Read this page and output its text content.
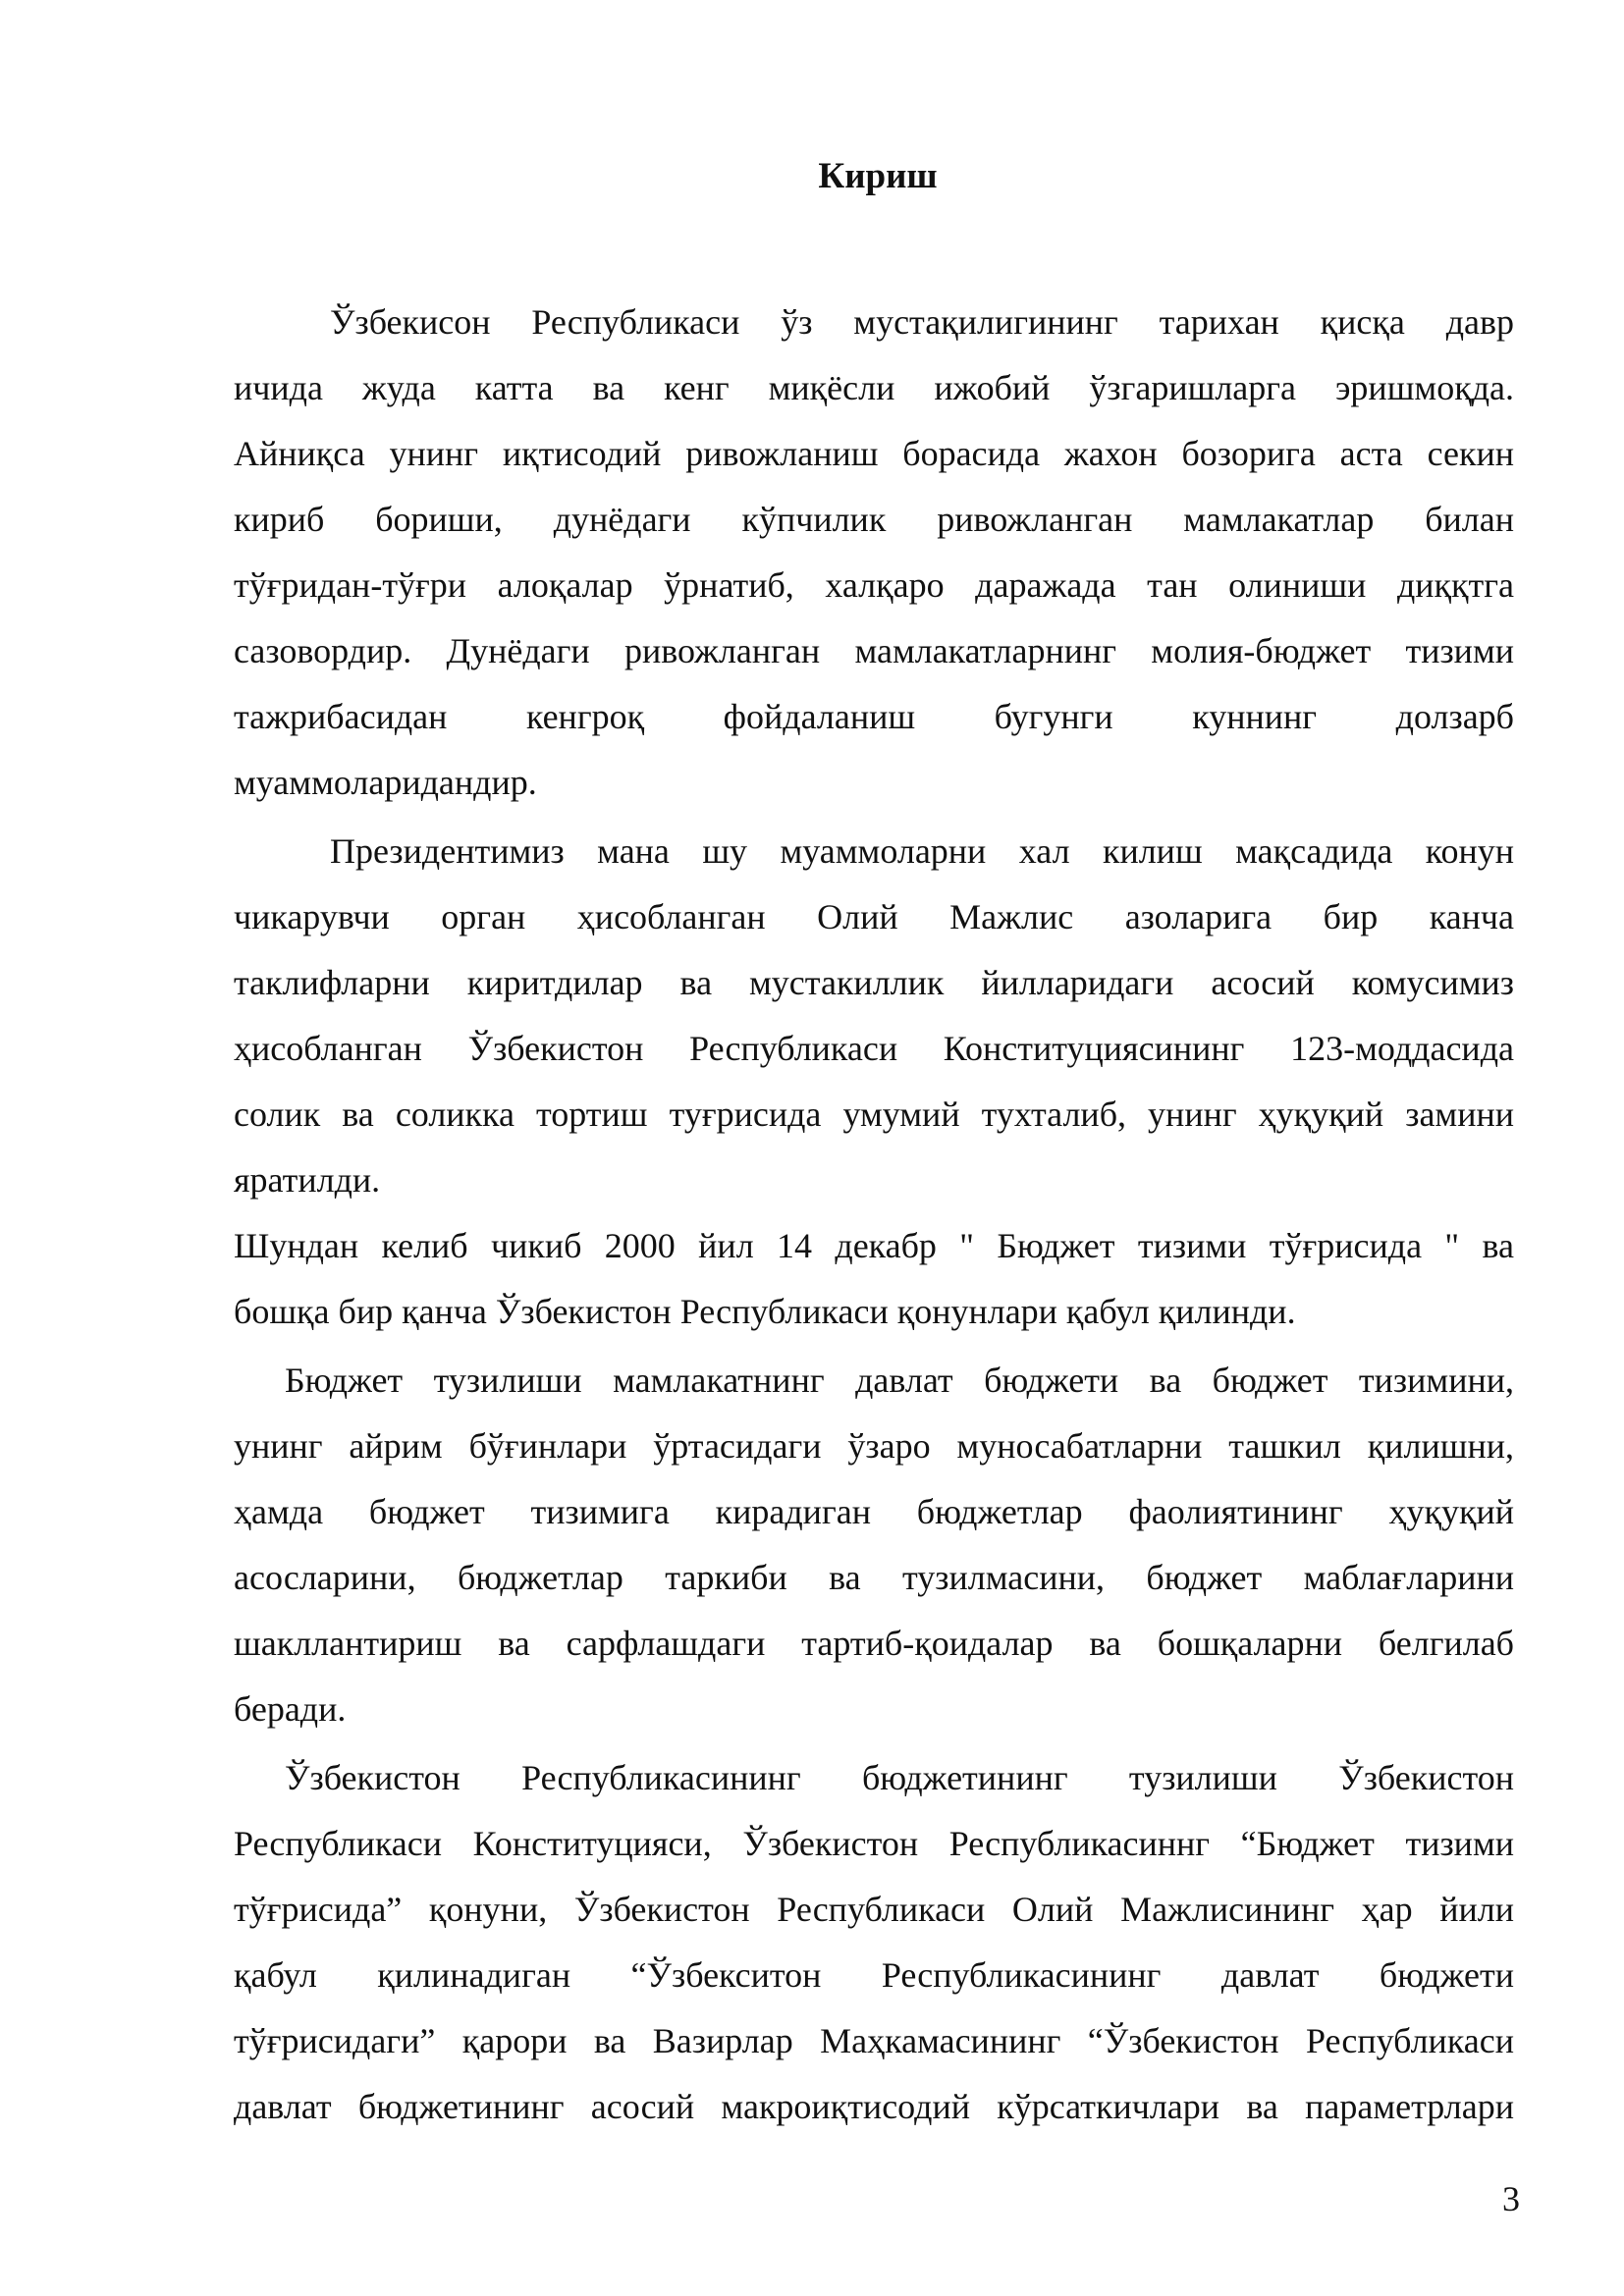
Кириш

Ўзбекисон Республикаси ўз мустақилигининг тарихан қисқа давр

ичида жуда катта ва кенг миқёсли ижобий ўзгаришларга эришмоқда.

Айниқса унинг иқтисодий ривожланиш борасида жахон бозорига аста секин

кириб бориши, дунёдаги кўпчилик ривожланган мамлакатлар билан

тўғридан-тўғри алоқалар ўрнатиб, халқаро даражада тан олиниши диққтга

сазовордир. Дунёдаги ривожланган мамлакатларнинг молия-бюджет тизими

тажрибасидан кенгроқ фойдаланиш бугунги куннинг долзарб

муаммоларидандир.

Президентимиз мана шу муаммоларни хал килиш мақсадида конун

чикарувчи орган ҳисобланган Олий Мажлис азоларига бир канча

таклифларни киритдилар ва мустакиллик йилларидаги асосий комусимиз

ҳисобланган Ўзбекистон Республикаси Конституциясининг 123-моддасида

солик ва соликка тортиш туғрисида умумий тухталиб, унинг ҳуқуқий замини

яратилди.

Шундан келиб чикиб 2000 йил 14 декабр " Бюджет тизими тўғрисида " ва

бошқа бир қанча Ўзбекистон Республикаси қонунлари қабул қилинди.

Бюджет тузилиши мамлакатнинг давлат бюджети ва бюджет тизимини,

унинг айрим бўғинлари ўртасидаги ўзаро муносабатларни ташкил қилишни,

ҳамда бюджет тизимига кирадиган бюджетлар фаолиятининг ҳуқуқий

асосларини, бюджетлар таркиби ва тузилмасини, бюджет маблағларини

шакллантириш ва сарфлашдаги тартиб-қоидалар ва бошқаларни белгилаб

беради.

Ўзбекистон Республикасининг бюджетининг тузилиши Ўзбекистон

Республикаси Конституцияси, Ўзбекистон Республикасиннг “Бюджет тизими

тўғрисида” қонуни, Ўзбекистон Республикаси Олий Мажлисининг ҳар йили

қабул қилинадиган “Ўзбекситон Республикасининг давлат бюджети

тўғрисидаги” қарори ва Вазирлар Маҳкамасининг “Ўзбекистон Республикаси

давлат бюджетининг асосий макроиқтисодий кўрсаткичлари ва параметрлари

3
